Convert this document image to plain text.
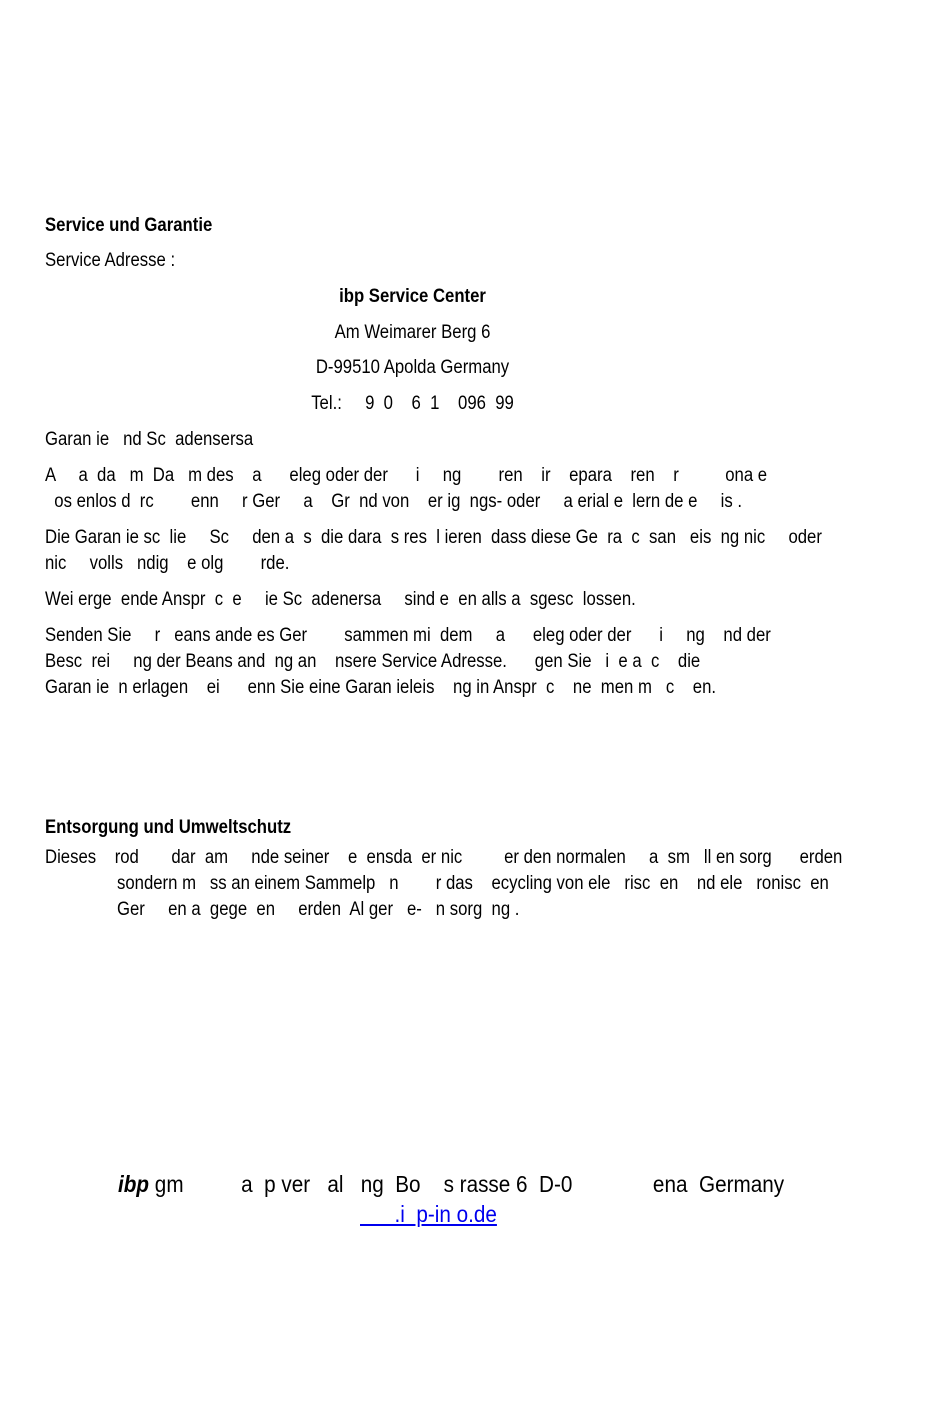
Service und Garantie
Service Adresse :
ibp Service Center
Am Weimarer Berg 6
D-99510 Apolda Germany
Tel.:     9  0    6  1    096  99
Garan ie   nd Sc  adensersa
A     a  da   m  Da   m des    a      eleg oder der      i     ng        ren    ir    epara    ren    r          ona e
os enlos d  rc        enn     r Ger     a    Gr  nd von    er ig  ngs- oder     a erial e  lern de e     is .
Die Garan ie sc  lie     Sc     den a  s  die dara  s res  l ieren  dass diese Ge  ra  c  san   eis  ng nic     oder
nic     volls   ndig    e olg        rde.
Wei erge  ende Anspr  c  e     ie Sc  adenersa     sind e  en alls a  sgesc  lossen.
Senden Sie     r   eans ande es Ger        sammen mi  dem     a      eleg oder der      i     ng    nd der
Besc  rei     ng der Beans and  ng an    nsere Service Adresse.      gen Sie   i  e a  c    die
Garan ie  n erlagen    ei      enn Sie eine Garan ieleis    ng in Anspr  c    ne  men m   c    en.
Entsorgung und Umweltschutz
Dieses    rod       dar  am     nde seiner    e  ensda  er nic         er den normalen     a  sm   ll en sorg      erden
sondern m   ss an einem Sammelp   n        r das    ecycling von ele   risc  en    nd ele   ronisc  en
Ger     en a  gege  en     erden  Al ger   e-   n sorg  ng .
ibp gm          a  p ver   al   ng  Bo    s rasse 6  D-0              ena  Germany
.i  p-in o.de
